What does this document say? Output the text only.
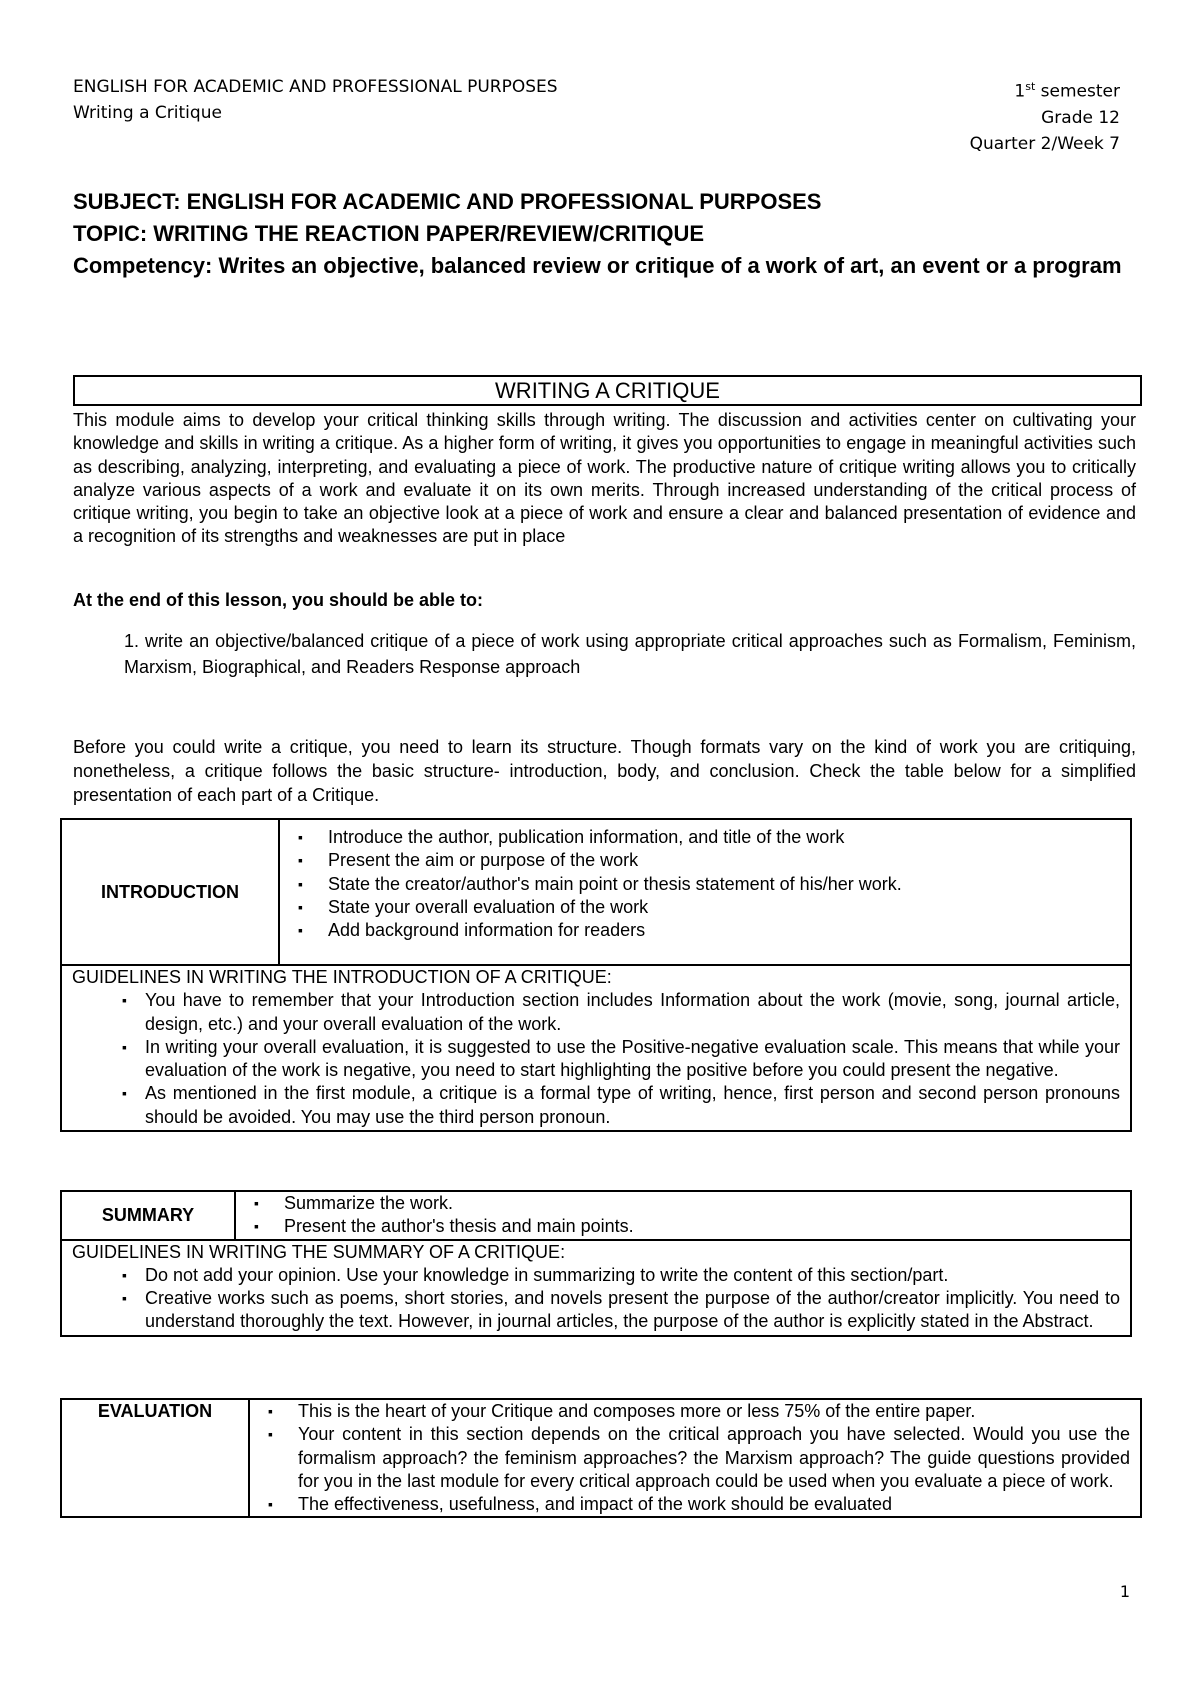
ENGLISH FOR ACADEMIC AND PROFESSIONAL PURPOSES
Writing a Critique
1st semester
Grade 12
Quarter 2/Week 7
SUBJECT: ENGLISH FOR ACADEMIC AND PROFESSIONAL PURPOSES
TOPIC: WRITING THE REACTION PAPER/REVIEW/CRITIQUE
Competency: Writes an objective, balanced review or critique of a work of art, an event or a program
WRITING A CRITIQUE
This module aims to develop your critical thinking skills through writing. The discussion and activities center on cultivating your knowledge and skills in writing a critique. As a higher form of writing, it gives you opportunities to engage in meaningful activities such as describing, analyzing, interpreting, and evaluating a piece of work. The productive nature of critique writing allows you to critically analyze various aspects of a work and evaluate it on its own merits. Through increased understanding of the critical process of critique writing, you begin to take an objective look at a piece of work and ensure a clear and balanced presentation of evidence and a recognition of its strengths and weaknesses are put in place
At the end of this lesson, you should be able to:
1. write an objective/balanced critique of a piece of work using appropriate critical approaches such as Formalism, Feminism, Marxism, Biographical, and Readers Response approach
Before you could write a critique, you need to learn its structure. Though formats vary on the kind of work you are critiquing, nonetheless, a critique follows the basic structure- introduction, body, and conclusion. Check the table below for a simplified presentation of each part of a Critique.
INTRODUCTION	
▪ Introduce the author, publication information, and title of the work
▪ Present the aim or purpose of the work
▪ State the creator/author's main point or thesis statement of his/her work.
▪ State your overall evaluation of the work
▪ Add background information for readers

GUIDELINES IN WRITING THE INTRODUCTION OF A CRITIQUE:
▪ You have to remember that your Introduction section includes Information about the work (movie, song, journal article, design, etc.) and your overall evaluation of the work.
▪ In writing your overall evaluation, it is suggested to use the Positive-negative evaluation scale. This means that while your evaluation of the work is negative, you need to start highlighting the positive before you could present the negative.
▪ As mentioned in the first module, a critique is a formal type of writing, hence, first person and second person pronouns should be avoided. You may use the third person pronoun.
SUMMARY	
▪ Summarize the work.
▪ Present the author's thesis and main points.

GUIDELINES IN WRITING THE SUMMARY OF A CRITIQUE:
▪ Do not add your opinion. Use your knowledge in summarizing to write the content of this section/part.
▪ Creative works such as poems, short stories, and novels present the purpose of the author/creator implicitly. You need to understand thoroughly the text. However, in journal articles, the purpose of the author is explicitly stated in the Abstract.
EVALUATION	
▪This is the heart of your Critique and composes more or less 75% of the entire paper.
▪ Your content in this section depends on the critical approach you have selected. Would you use the formalism approach? the feminism approaches? the Marxism approach? The guide questions provided for you in the last module for every critical approach could be used when you evaluate a piece of work.
▪ The effectiveness, usefulness, and impact of the work should be evaluated
1
